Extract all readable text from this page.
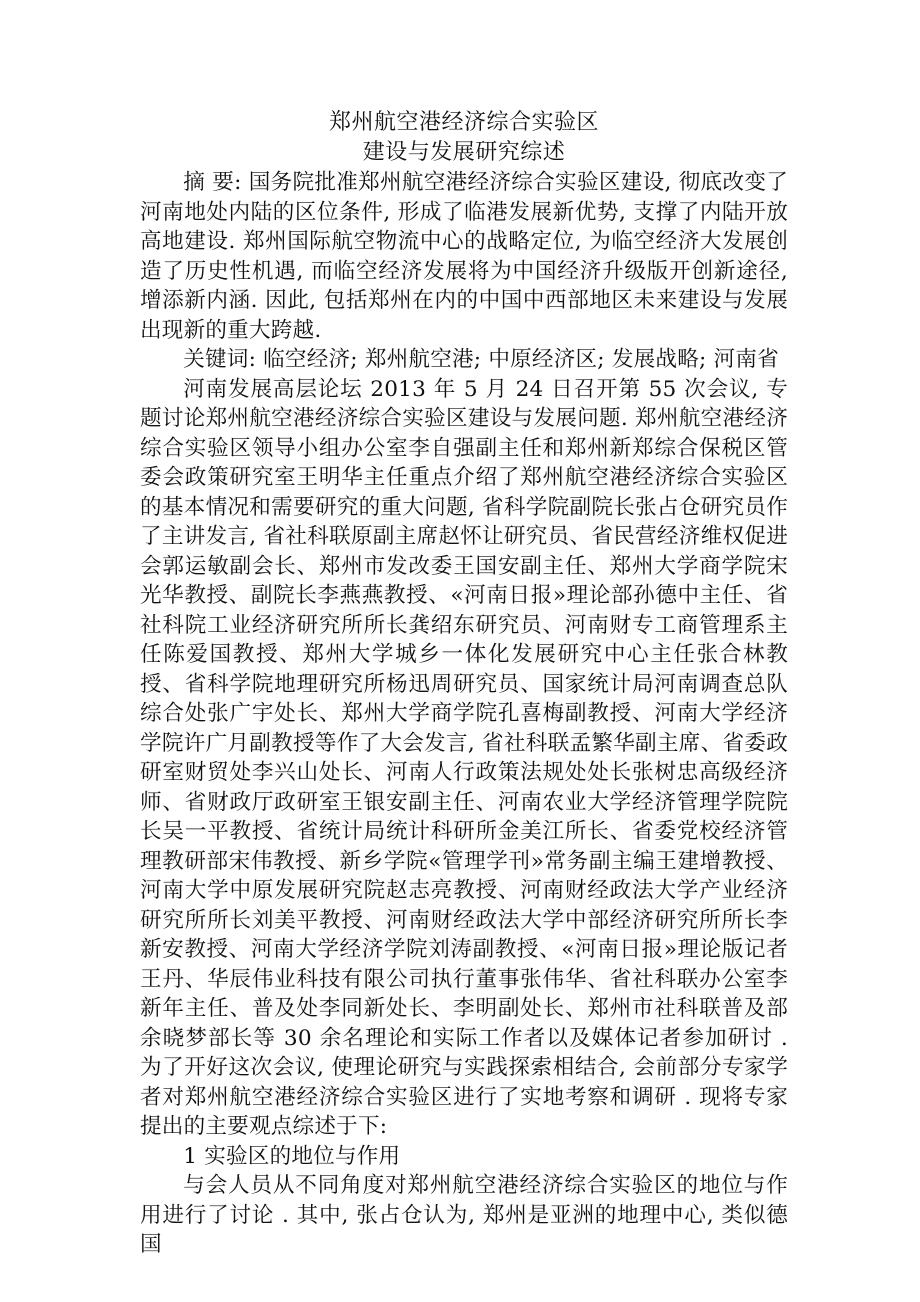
郑州航空港经济综合实验区
建设与发展研究综述

摘 要: 国务院批准郑州航空港经济综合实验区建设, 彻底改变了河南地处内陆的区位条件, 形成了临港发展新优势, 支撑了内陆开放高地建设. 郑州国际航空物流中心的战略定位, 为临空经济大发展创造了历史性机遇, 而临空经济发展将为中国经济升级版开创新途径, 增添新内涵. 因此, 包括郑州在内的中国中西部地区未来建设与发展出现新的重大跨越.

关键词: 临空经济; 郑州航空港; 中原经济区; 发展战略; 河南省

河南发展高层论坛 2013 年 5 月 24 日召开第 55 次会议, 专题讨论郑州航空港经济综合实验区建设与发展问题. 郑州航空港经济综合实验区领导小组办公室李自强副主任和郑州新郑综合保税区管委会政策研究室王明华主任重点介绍了郑州航空港经济综合实验区的基本情况和需要研究的重大问题, 省科学院副院长张占仓研究员作了主讲发言, 省社科联原副主席赵怀让研究员、省民营经济维权促进会郭运敏副会长、郑州市发改委王国安副主任、郑州大学商学院宋光华教授、副院长李燕燕教授、«河南日报»理论部孙德中主任、省社科院工业经济研究所所长龚绍东研究员、河南财专工商管理系主任陈爱国教授、郑州大学城乡一体化发展研究中心主任张合林教授、省科学院地理研究所杨迅周研究员、国家统计局河南调查总队综合处张广宇处长、郑州大学商学院孔喜梅副教授、河南大学经济学院许广月副教授等作了大会发言, 省社科联孟繁华副主席、省委政研室财贸处李兴山处长、河南人行政策法规处处长张树忠高级经济师、省财政厅政研室王银安副主任、河南农业大学经济管理学院院长吴一平教授、省统计局统计科研所金美江所长、省委党校经济管理教研部宋伟教授、新乡学院«管理学刊»常务副主编王建增教授、河南大学中原发展研究院赵志亮教授、河南财经政法大学产业经济研究所所长刘美平教授、河南财经政法大学中部经济研究所所长李新安教授、河南大学经济学院刘涛副教授、«河南日报»理论版记者王丹、华辰伟业科技有限公司执行董事张伟华、省社科联办公室李新年主任、普及处李同新处长、李明副处长、郑州市社科联普及部余晓梦部长等 30 余名理论和实际工作者以及媒体记者参加研讨 . 为了开好这次会议, 使理论研究与实践探索相结合, 会前部分专家学者对郑州航空港经济综合实验区进行了实地考察和调研 . 现将专家提出的主要观点综述于下:

1 实验区的地位与作用

与会人员从不同角度对郑州航空港经济综合实验区的地位与作用进行了讨论 . 其中, 张占仓认为, 郑州是亚洲的地理中心, 类似德国
